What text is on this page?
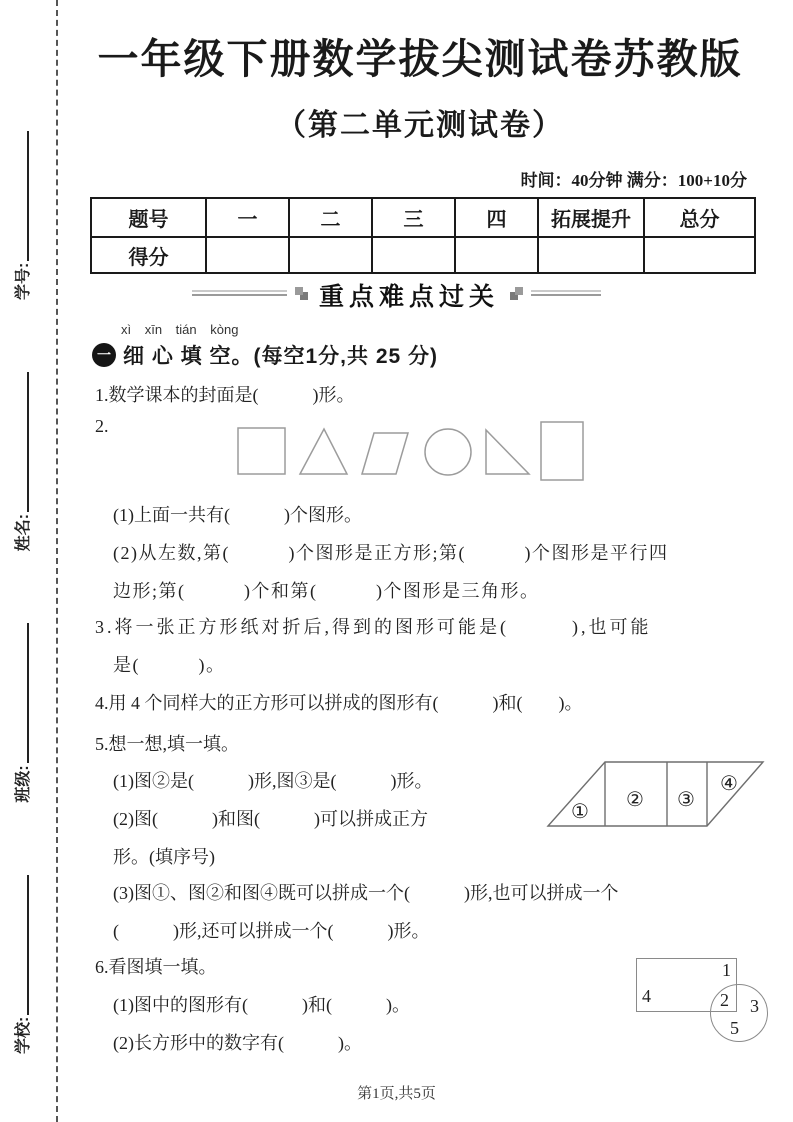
学校:
班级:
姓名:
学号:
一年级下册数学拔尖测试卷苏教版
（第二单元测试卷）
时间：40分钟 满分：100+10分
题号	一	二	三	四	拓展提升	总分
得分						
重点难点过关
xì xīn tián kòng
一 细 心 填 空。(每空1分,共 25 分)
1.数学课本的封面是(　　　)形。
2.
(1)上面一共有(　　　)个图形。
(2)从左数,第(　　　)个图形是正方形;第(　　　)个图形是平行四
边形;第(　　　)个和第(　　　)个图形是三角形。
3.将一张正方形纸对折后,得到的图形可能是(　　　),也可能
是(　　　)。
4.用 4 个同样大的正方形可以拼成的图形有(　　　)和(　　)。
5.想一想,填一填。
(1)图②是(　　　)形,图③是(　　　)形。
(2)图(　　　)和图(　　　)可以拼成正方
形。(填序号)
(3)图①、图②和图④既可以拼成一个(　　　)形,也可以拼成一个
(　　　)形,还可以拼成一个(　　　)形。
①
② ③
④
6.看图填一填。
(1)图中的图形有(　　　)和(　　　)。
(2)长方形中的数字有(　　　)。
1
4	2 3
5
第1页,共5页
